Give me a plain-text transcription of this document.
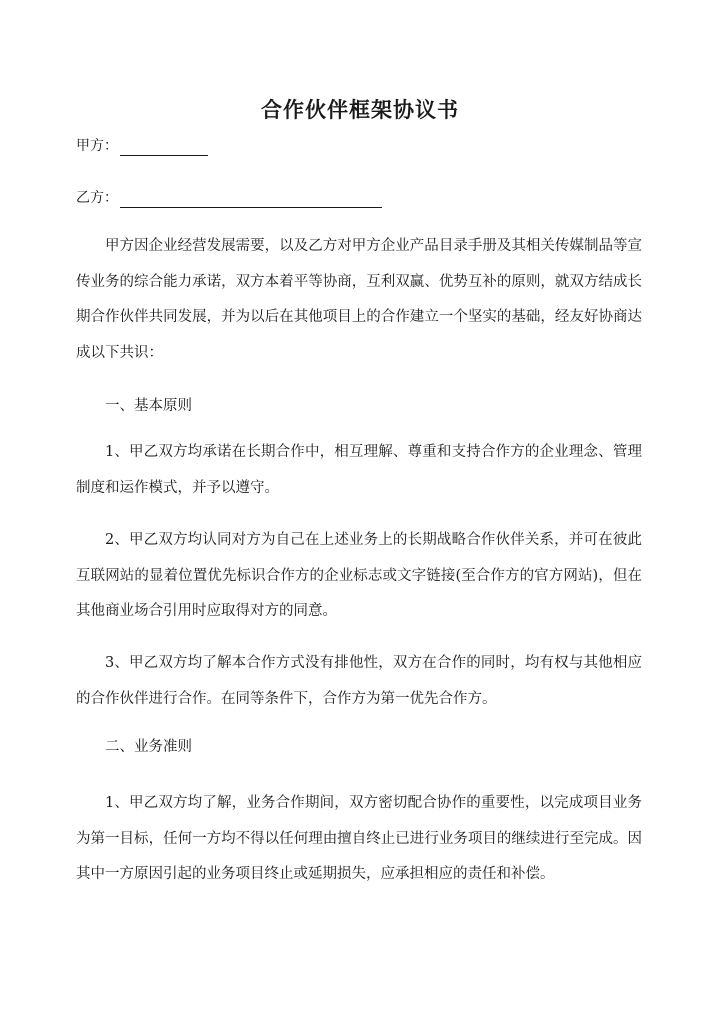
合作伙伴框架协议书
甲方：
乙方：

甲方因企业经营发展需要，以及乙方对甲方企业产品目录手册及其相关传媒制品等宣传业务的综合能力承诺，双方本着平等协商，互利双赢、优势互补的原则，就双方结成长期合作伙伴共同发展，并为以后在其他项目上的合作建立一个坚实的基础，经友好协商达成以下共识：

一、基本原则

1、甲乙双方均承诺在长期合作中，相互理解、尊重和支持合作方的企业理念、管理制度和运作模式，并予以遵守。

2、甲乙双方均认同对方为自己在上述业务上的长期战略合作伙伴关系，并可在彼此互联网站的显着位置优先标识合作方的企业标志或文字链接(至合作方的官方网站)，但在其他商业场合引用时应取得对方的同意。

3、甲乙双方均了解本合作方式没有排他性，双方在合作的同时，均有权与其他相应的合作伙伴进行合作。在同等条件下，合作方为第一优先合作方。

二、业务准则

1、甲乙双方均了解，业务合作期间，双方密切配合协作的重要性，以完成项目业务为第一目标，任何一方均不得以任何理由擅自终止已进行业务项目的继续进行至完成。因其中一方原因引起的业务项目终止或延期损失，应承担相应的责任和补偿。
